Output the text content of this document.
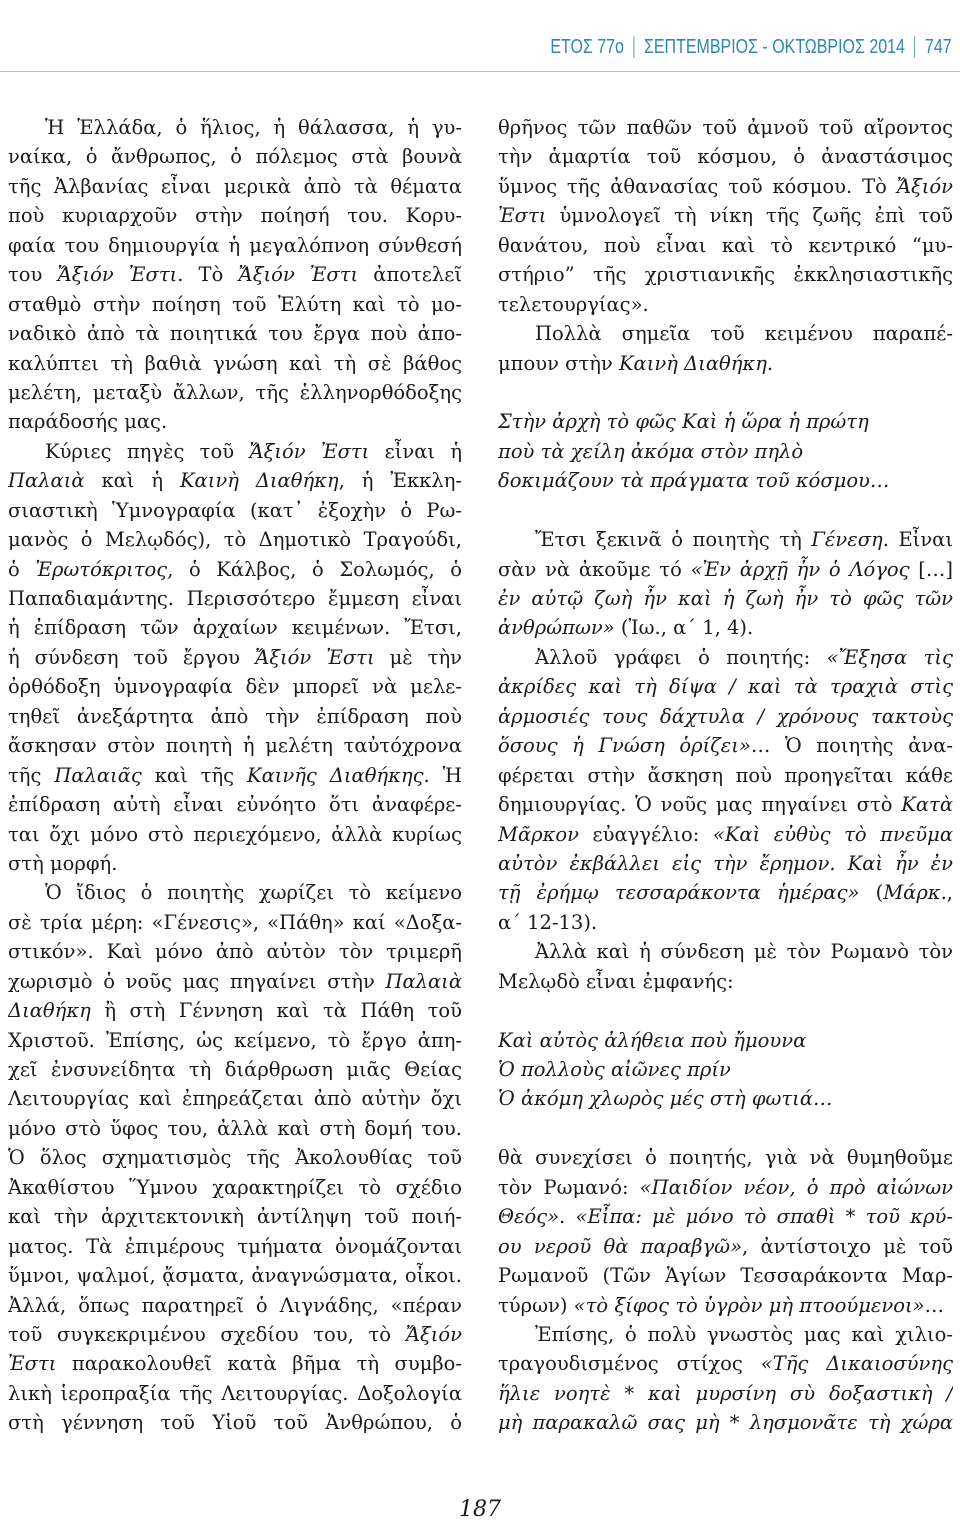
ΕΤΟΣ 77ο ΣΕΠΤΕΜΒΡΙΟΣ - ΟΚΤΩΒΡΙΟΣ 2014 747
Ἡ Ἑλλάδα, ὁ ἥλιος, ἡ θάλασσα, ἡ γυ-
ναίκα, ὁ ἄνθρωπος, ὁ πόλεμος στὰ βουνὰ
τῆς Ἀλβανίας εἶναι μερικὰ ἀπὸ τὰ θέματα
ποὺ κυριαρχοῦν στὴν ποίησή του. Κορυ-
φαία του δημιουργία ἡ μεγαλόπνοη σύνθεσή
του Ἄξιόν Ἐστι. Τὸ Ἄξιόν Ἐστι ἀποτελεῖ
σταθμὸ στὴν ποίηση τοῦ Ἐλύτη καὶ τὸ μο-
ναδικὸ ἀπὸ τὰ ποιητικά του ἔργα ποὺ ἀπο-
καλύπτει τὴ βαθιὰ γνώση καὶ τὴ σὲ βάθος
μελέτη, μεταξὺ ἄλλων, τῆς ἑλληνορθόδοξης
παράδοσής μας.
Κύριες πηγὲς τοῦ Ἄξιόν Ἐστι εἶναι ἡ
Παλαιὰ καὶ ἡ Καινὴ Διαθήκη, ἡ Ἐκκλη-
σιαστικὴ Ὑμνογραφία (κατ᾽ ἐξοχὴν ὁ Ρω-
μανὸς ὁ Μελῳδός), τὸ Δημοτικὸ Τραγούδι,
ὁ Ἐρωτόκριτος, ὁ Κάλβος, ὁ Σολωμός, ὁ
Παπαδιαμάντης. Περισσότερο ἔμμεση εἶναι
ἡ ἐπίδραση τῶν ἀρχαίων κειμένων. Ἔτσι,
ἡ σύνδεση τοῦ ἔργου Ἄξιόν Ἐστι μὲ τὴν
ὀρθόδοξη ὑμνογραφία δὲν μπορεῖ νὰ μελε-
τηθεῖ ἀνεξάρτητα ἀπὸ τὴν ἐπίδραση ποὺ
ἄσκησαν στὸν ποιητὴ ἡ μελέτη ταὐτόχρονα
τῆς Παλαιᾶς καὶ τῆς Καινῆς Διαθήκης. Ἡ
ἐπίδραση αὐτὴ εἶναι εὐνόητο ὅτι ἀναφέρε-
ται ὄχι μόνο στὸ περιεχόμενο, ἀλλὰ κυρίως
στὴ μορφή.
Ὁ ἴδιος ὁ ποιητὴς χωρίζει τὸ κείμενο
σὲ τρία μέρη: «Γένεσις», «Πάθη» καί «Δοξα-
στικόν». Καὶ μόνο ἀπὸ αὐτὸν τὸν τριμερῆ
χωρισμὸ ὁ νοῦς μας πηγαίνει στὴν Παλαιὰ
Διαθήκη ἢ στὴ Γέννηση καὶ τὰ Πάθη τοῦ
Χριστοῦ. Ἐπίσης, ὡς κείμενο, τὸ ἔργο ἀπη-
χεῖ ἐνσυνείδητα τὴ διάρθρωση μιᾶς Θείας
Λειτουργίας καὶ ἐπηρεάζεται ἀπὸ αὐτὴν ὄχι
μόνο στὸ ὕφος του, ἀλλὰ καὶ στὴ δομή του.
Ὁ ὅλος σχηματισμὸς τῆς Ἀκολουθίας τοῦ
Ἀκαθίστου Ὕμνου χαρακτηρίζει τὸ σχέδιο
καὶ τὴν ἀρχιτεκτονικὴ ἀντίληψη τοῦ ποιή-
ματος. Τὰ ἐπιμέρους τμήματα ὀνομάζονται
ὕμνοι, ψαλμοί, ᾄσματα, ἀναγνώσματα, οἶκοι.
Ἀλλά, ὅπως παρατηρεῖ ὁ Λιγνάδης, «πέραν
τοῦ συγκεκριμένου σχεδίου του, τὸ Ἄξιόν
Ἐστι παρακολουθεῖ κατὰ βῆμα τὴ συμβο-
λικὴ ἱεροπραξία τῆς Λειτουργίας. Δοξολογία
στὴ γέννηση τοῦ Υἱοῦ τοῦ Ἀνθρώπου, ὁ
θρῆνος τῶν παθῶν τοῦ ἀμνοῦ τοῦ αἴροντος
τὴν ἁμαρτία τοῦ κόσμου, ὁ ἀναστάσιμος
ὕμνος τῆς ἀθανασίας τοῦ κόσμου. Τὸ Ἄξιόν
Ἐστι ὑμνολογεῖ τὴ νίκη τῆς ζωῆς ἐπὶ τοῦ
θανάτου, ποὺ εἶναι καὶ τὸ κεντρικό “μυ-
στήριο” τῆς χριστιανικῆς ἐκκλησιαστικῆς
τελετουργίας».
Πολλὰ σημεῖα τοῦ κειμένου παραπέ-
μπουν στὴν Καινὴ Διαθήκη.
Στὴν ἀρχὴ τὸ φῶς Καὶ ἡ ὥρα ἡ πρώτη
ποὺ τὰ χείλη ἀκόμα στὸν πηλὸ
δοκιμάζουν τὰ πράγματα τοῦ κόσμου…
Ἔτσι ξεκινᾶ ὁ ποιητὴς τὴ Γένεση. Εἶναι
σὰν νὰ ἀκοῦμε τό «Ἐν ἀρχῇ ἦν ὁ Λόγος […]
ἐν αὐτῷ ζωὴ ἦν καὶ ἡ ζωὴ ἦν τὸ φῶς τῶν
ἀνθρώπων» (Ἰω., α΄ 1, 4).
Ἀλλοῦ γράφει ὁ ποιητής: «Ἔξησα τὶς
ἀκρίδες καὶ τὴ δίψα / καὶ τὰ τραχιὰ στὶς
ἁρμοσιές τους δάχτυλα / χρόνους τακτοὺς
ὅσους ἡ Γνώση ὁρίζει»… Ὁ ποιητὴς ἀνα-
φέρεται στὴν ἄσκηση ποὺ προηγεῖται κάθε
δημιουργίας. Ὁ νοῦς μας πηγαίνει στὸ Κατὰ
Μᾶρκον εὐαγγέλιο: «Καὶ εὐθὺς τὸ πνεῦμα
αὐτὸν ἐκβάλλει εἰς τὴν ἔρημον. Καὶ ἦν ἐν
τῇ ἐρήμῳ τεσσαράκοντα ἡμέρας» (Μάρκ.,
α΄ 12-13).
Ἀλλὰ καὶ ἡ σύνδεση μὲ τὸν Ρωμανὸ τὸν
Μελῳδὸ εἶναι ἐμφανής:
Καὶ αὐτὸς ἀλήθεια ποὺ ἤμουνα
Ὁ πολλοὺς αἰῶνες πρίν
Ὁ ἀκόμη χλωρὸς μές στὴ φωτιά…
θὰ συνεχίσει ὁ ποιητής, γιὰ νὰ θυμηθοῦμε
τὸν Ρωμανό: «Παιδίον νέον, ὁ πρὸ αἰώνων
Θεός». «Εἶπα: μὲ μόνο τὸ σπαθὶ * τοῦ κρύ-
ου νεροῦ θὰ παραβγῶ», ἀντίστοιχο μὲ τοῦ
Ρωμανοῦ (Τῶν Ἁγίων Τεσσαράκοντα Μαρ-
τύρων) «τὸ ξίφος τὸ ὑγρὸν μὴ πτοούμενοι»…
Ἐπίσης, ὁ πολὺ γνωστὸς μας καὶ χιλιο-
τραγουδισμένος στίχος «Τῆς Δικαιοσύνης
ἥλιε νοητὲ * καὶ μυρσίνη σὺ δοξαστικὴ /
μὴ παρακαλῶ σας μὴ * λησμονᾶτε τὴ χώρα
187
